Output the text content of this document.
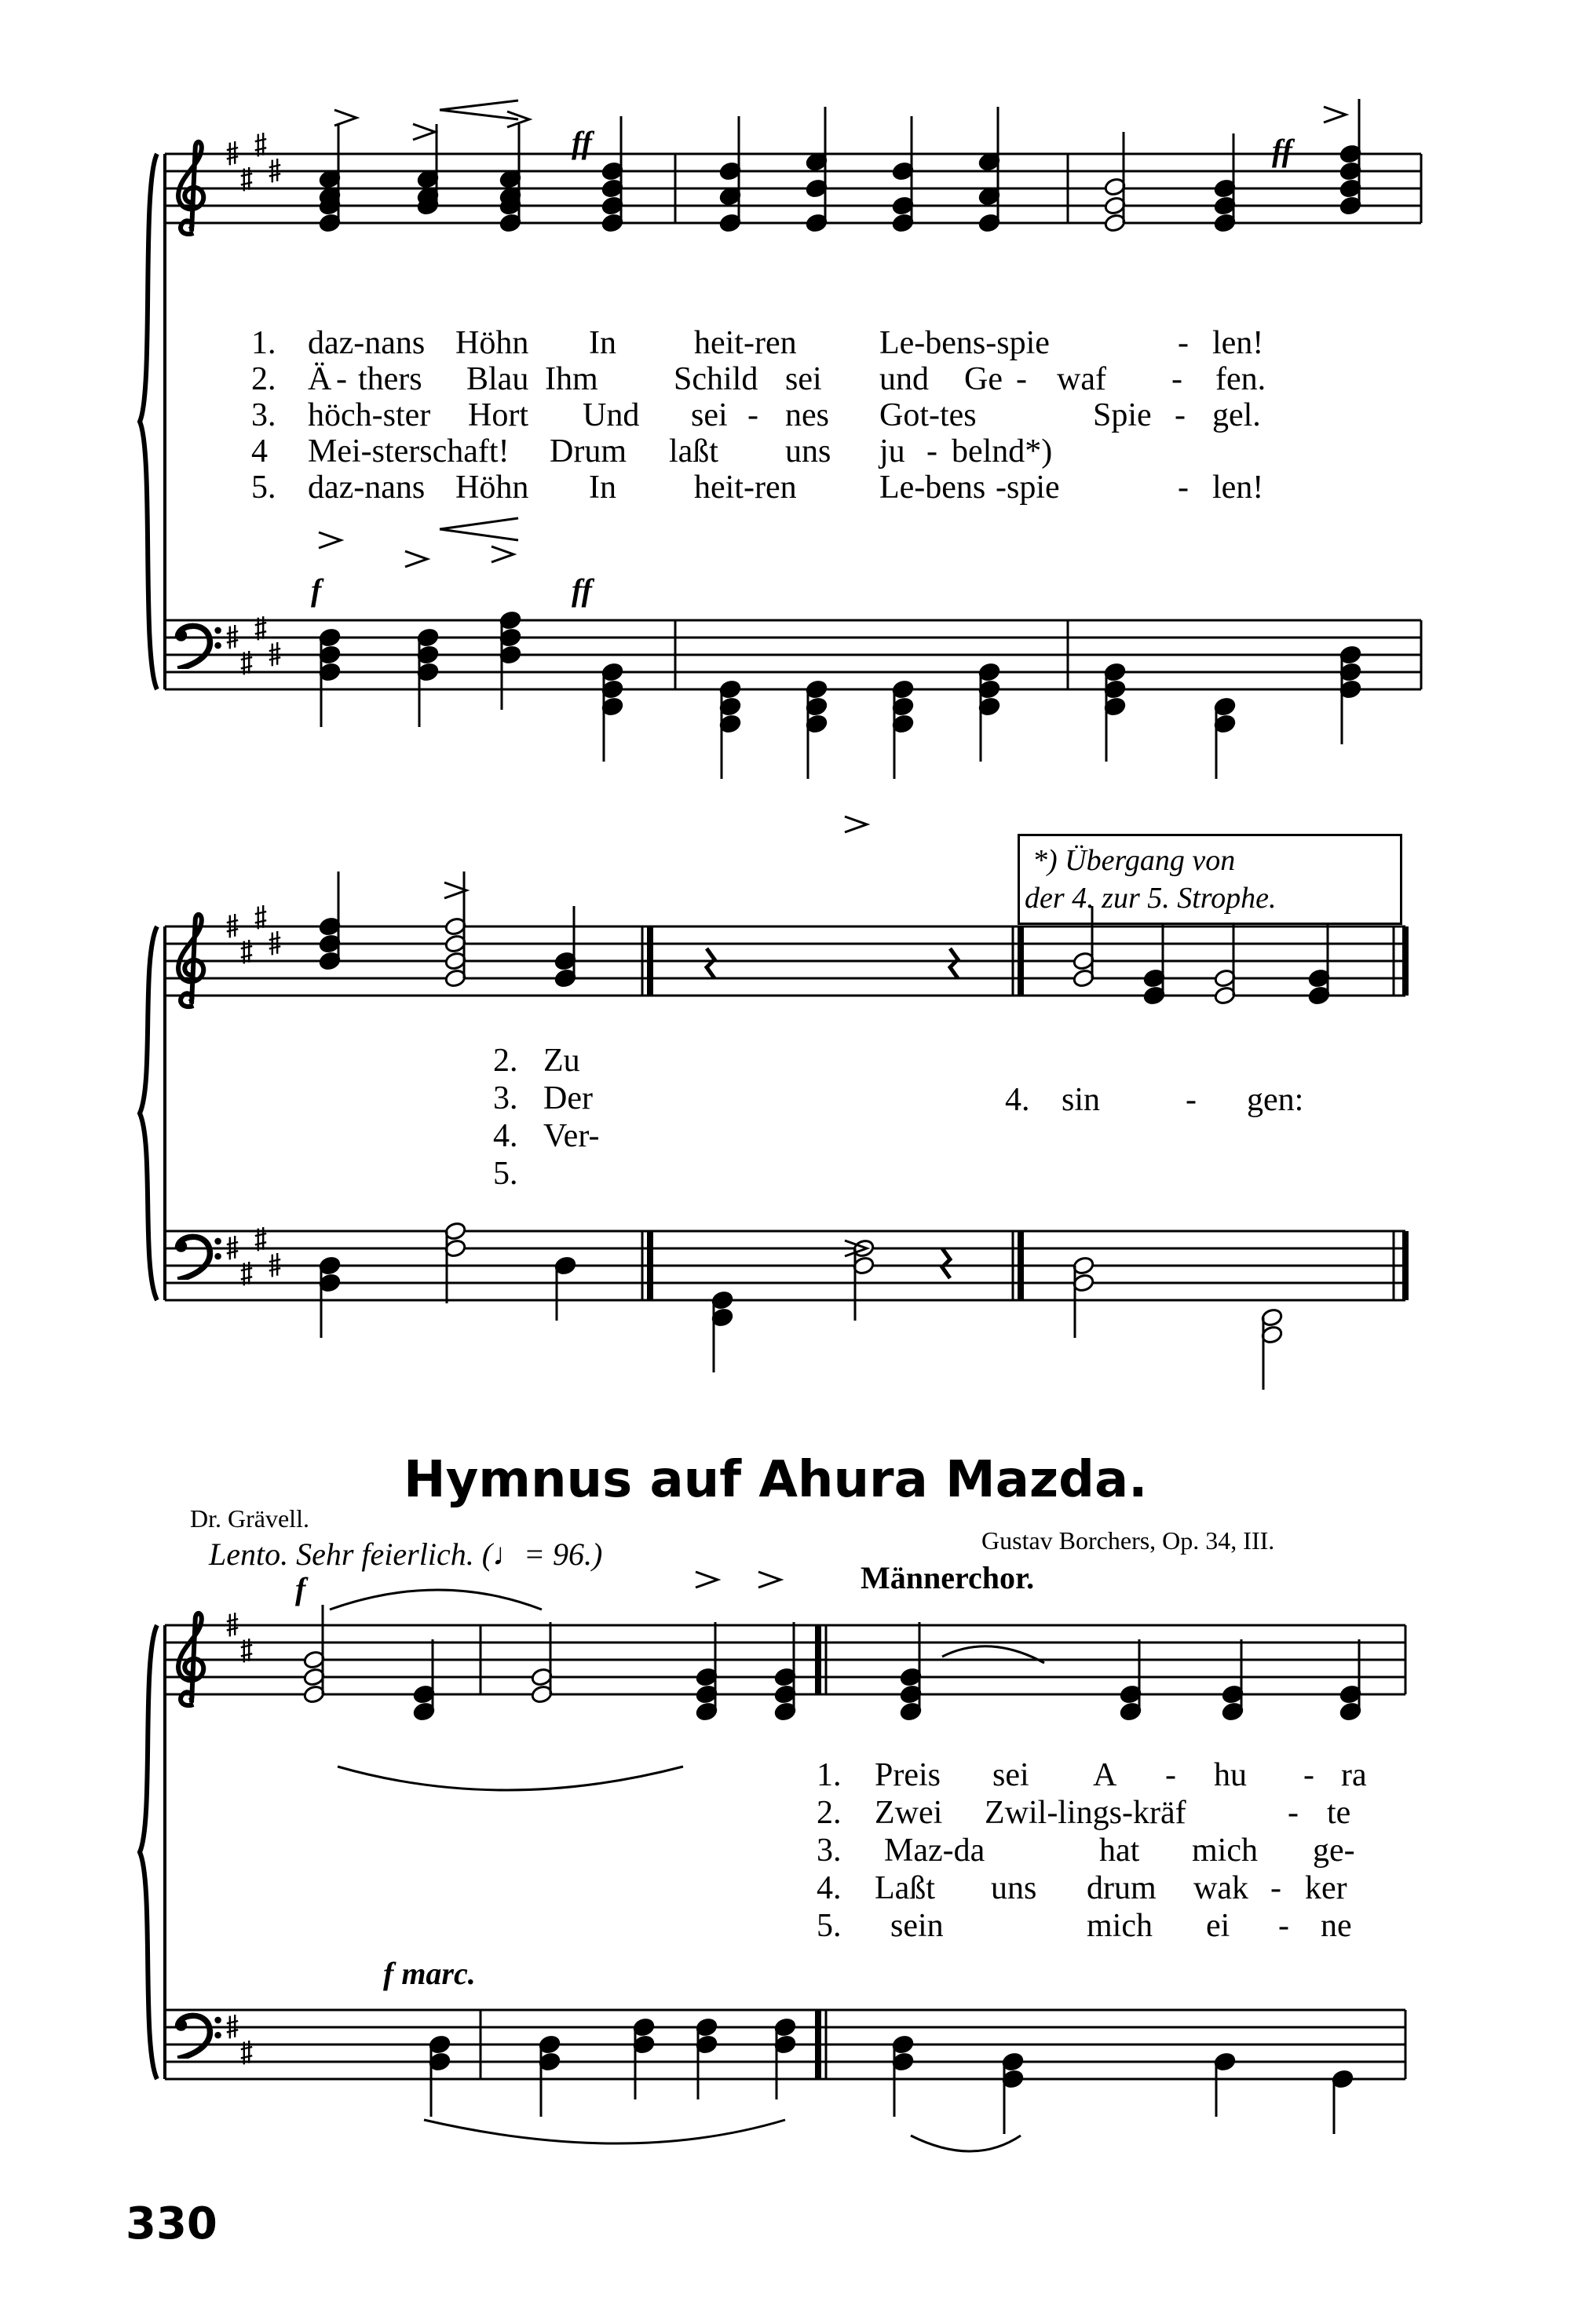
ff	ff
f	ff
1. daz-nans Höhn In heit-ren	Le-bens-spie	- len!
2. Ä - thers Blau Ihm Schild sei und Ge - waf - fen.
3. höch-ster Hort Und sei - nes Got-tes	Spie - gel.
4 Mei-sterschaft! Drum laßt uns ju - belnd*)
5. daz-nans Höhn In heit-ren	Le-bens -spie	- len!
*) Übergang von
der 4. zur 5. Strophe.
2. Zu
3. Der
4. Ver-
5.
4. sin	- gen:
Hymnus auf Ahura Mazda.
Dr. Grävell.
Gustav Borchers, Op. 34, III.
Lento. Sehr feierlich. (♩= 96.)
Männerchor.
f
f marc.
1. Preis sei A - hu - ra
2. Zwei Zwil-lings-kräf	- te
3. Maz-da	hat mich ge-
4. Laßt uns drum wak - ker
5. sein	mich ei - ne
330
